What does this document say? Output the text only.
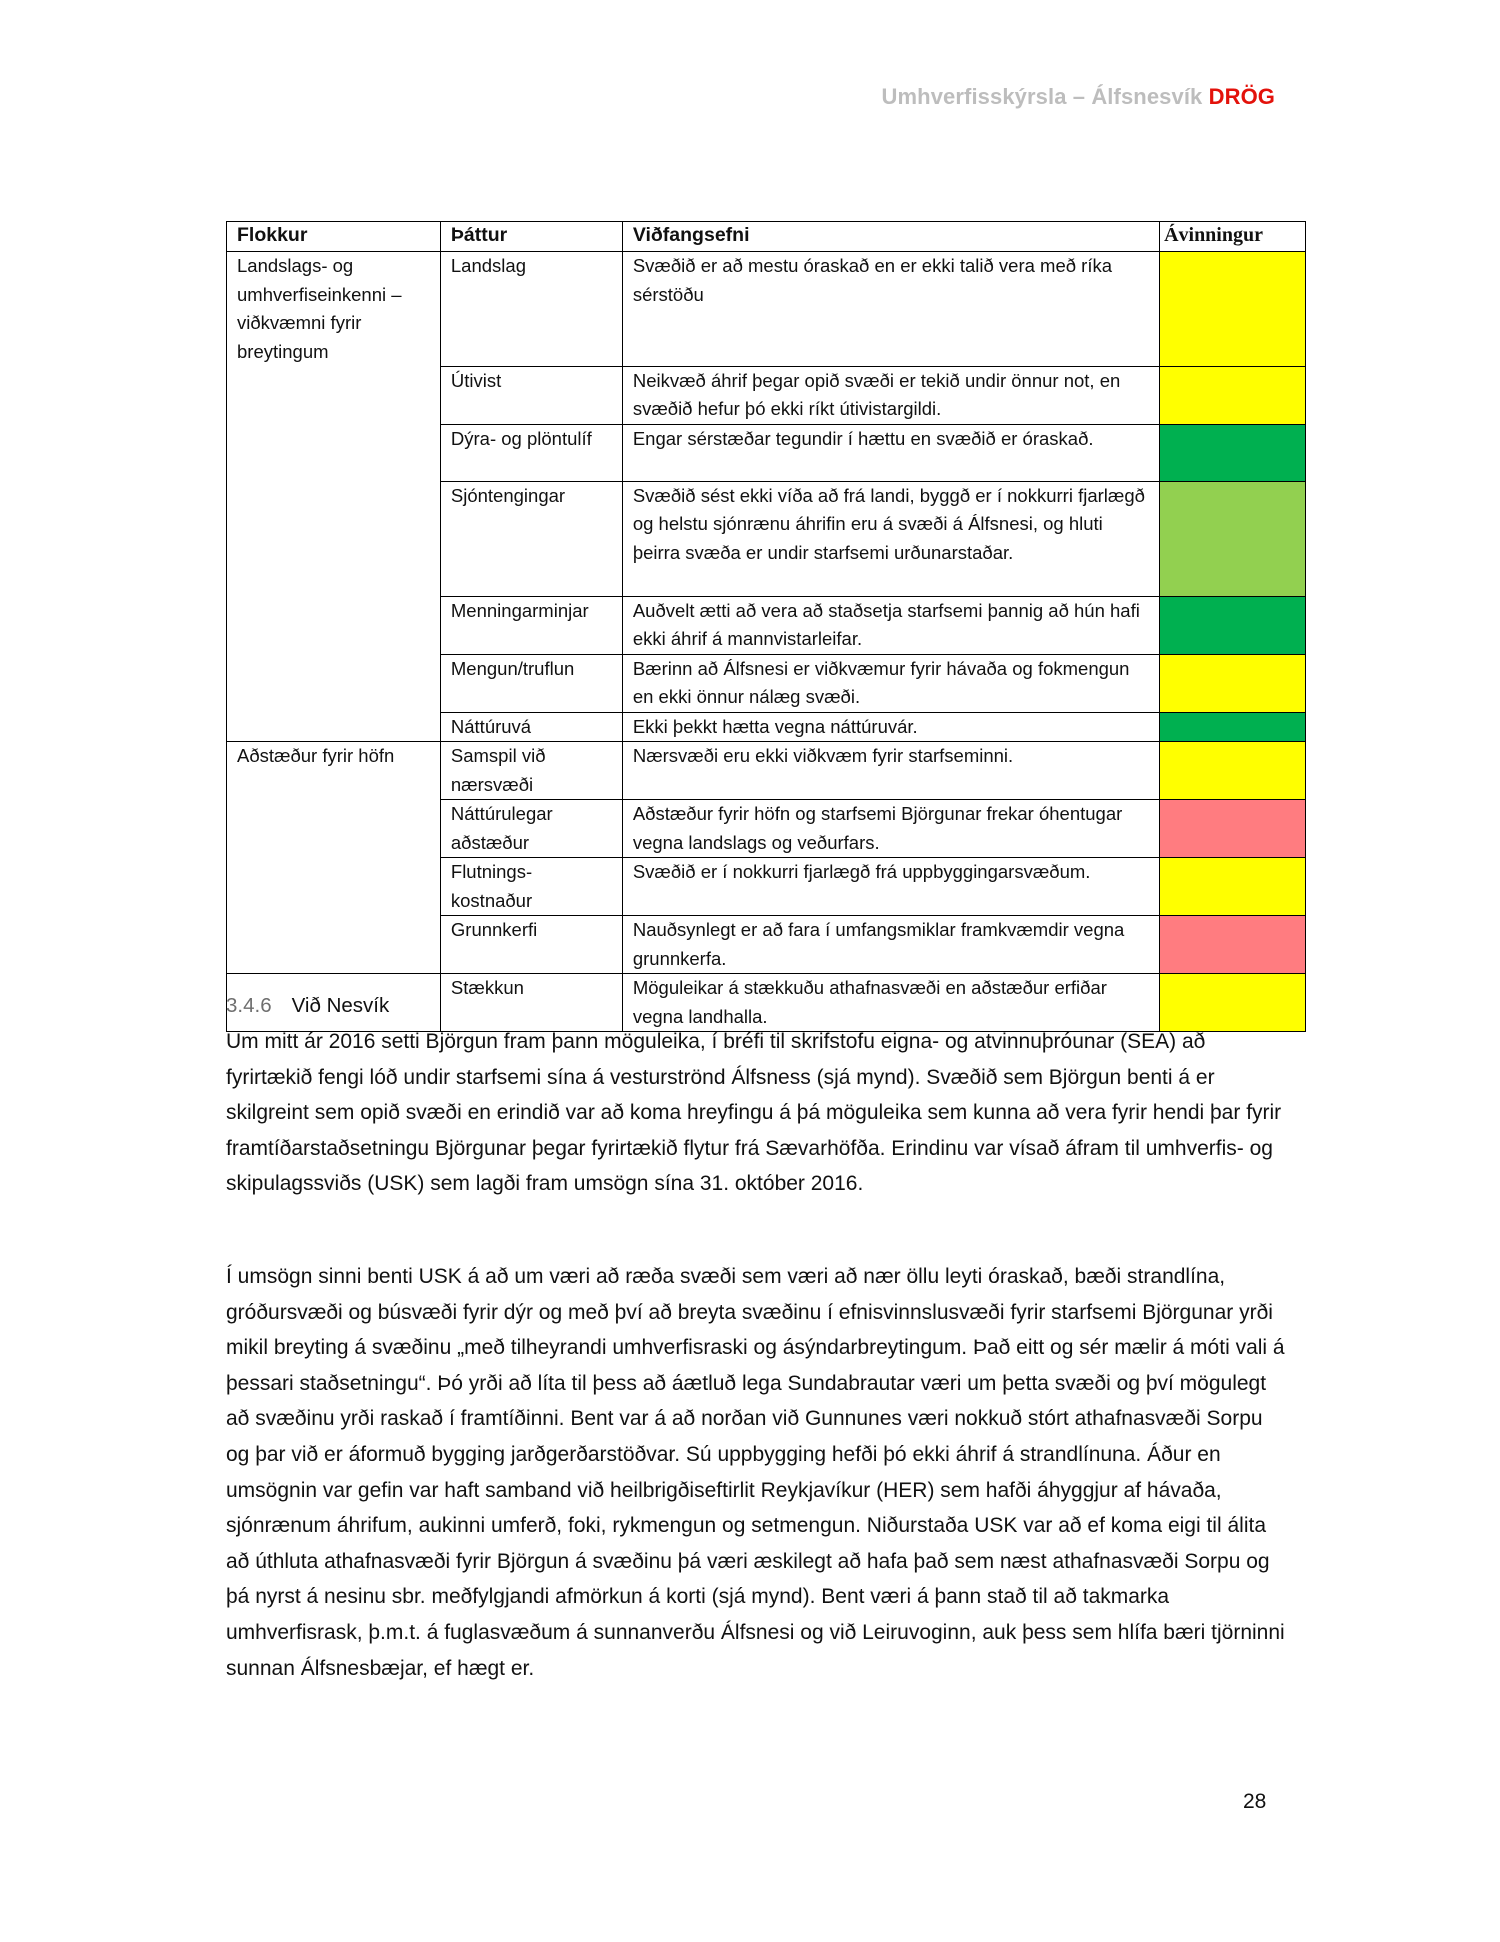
Umhverfisskýrsla – Álfsnesvík DRÖG
Flokkur	Þáttur	Viðfangsefni	Ávinningur
Landslags- og umhverfiseinkenni – viðkvæmni fyrir breytingum	Landslag	Svæðið er að mestu óraskað en er ekki talið vera með ríka sérstöðu	
	Útivist	Neikvæð áhrif þegar opið svæði er tekið undir önnur not, en svæðið hefur þó ekki ríkt útivistargildi.	
	Dýra- og plöntulíf	Engar sérstæðar tegundir í hættu en svæðið er óraskað.	
	Sjóntengingar	Svæðið sést ekki víða að frá landi, byggð er í nokkurri fjarlægð og helstu sjónrænu áhrifin eru á svæði á Álfsnesi, og hluti þeirra svæða er undir starfsemi urðunarstaðar.	
	Menningarminjar	Auðvelt ætti að vera að staðsetja starfsemi þannig að hún hafi ekki áhrif á mannvistarleifar.	
	Mengun/truflun	Bærinn að Álfsnesi er viðkvæmur fyrir hávaða og fokmengun en ekki önnur nálæg svæði.	
	Náttúruvá	Ekki þekkt hætta vegna náttúruvár.	
Aðstæður fyrir höfn	Samspil við nærsvæði	Nærsvæði eru ekki viðkvæm fyrir starfseminni.	
	Náttúrulegar aðstæður	Aðstæður fyrir höfn og starfsemi Björgunar frekar óhentugar vegna landslags og veðurfars.	
	Flutnings-kostnaður	Svæðið er í nokkurri fjarlægð frá uppbyggingarsvæðum.	
	Grunnkerfi	Nauðsynlegt er að fara í umfangsmiklar framkvæmdir vegna grunnkerfa.	
	Stækkun	Möguleikar á stækkuðu athafnasvæði en aðstæður erfiðar vegna landhalla.	
3.4.6 Við Nesvík

Um mitt ár 2016 setti Björgun fram þann möguleika, í bréfi til skrifstofu eigna- og atvinnuþróunar (SEA) að fyrirtækið fengi lóð undir starfsemi sína á vesturströnd Álfsness (sjá mynd). Svæðið sem Björgun benti á er skilgreint sem opið svæði en erindið var að koma hreyfingu á þá möguleika sem kunna að vera fyrir hendi þar fyrir framtíðarstaðsetningu Björgunar þegar fyrirtækið flytur frá Sævarhöfða. Erindinu var vísað áfram til umhverfis- og skipulagssviðs (USK) sem lagði fram umsögn sína 31. október 2016.

Í umsögn sinni benti USK á að um væri að ræða svæði sem væri að nær öllu leyti óraskað, bæði strandlína, gróðursvæði og búsvæði fyrir dýr og með því að breyta svæðinu í efnisvinnslusvæði fyrir starfsemi Björgunar yrði mikil breyting á svæðinu „með tilheyrandi umhverfisraski og ásýndarbreytingum. Það eitt og sér mælir á móti vali á þessari staðsetningu“. Þó yrði að líta til þess að áætluð lega Sundabrautar væri um þetta svæði og því mögulegt að svæðinu yrði raskað í framtíðinni. Bent var á að norðan við Gunnunes væri nokkuð stórt athafnasvæði Sorpu og þar við er áformuð bygging jarðgerðarstöðvar. Sú uppbygging hefði þó ekki áhrif á strandlínuna. Áður en umsögnin var gefin var haft samband við heilbrigðiseftirlit Reykjavíkur (HER) sem hafði áhyggjur af hávaða, sjónrænum áhrifum, aukinni umferð, foki, rykmengun og setmengun. Niðurstaða USK var að ef koma eigi til álita að úthluta athafnasvæði fyrir Björgun á svæðinu þá væri æskilegt að hafa það sem næst athafnasvæði Sorpu og þá nyrst á nesinu sbr. meðfylgjandi afmörkun á korti (sjá mynd). Bent væri á þann stað til að takmarka umhverfisrask, þ.m.t. á fuglasvæðum á sunnanverðu Álfsnesi og við Leiruvoginn, auk þess sem hlífa bæri tjörninni sunnan Álfsnesbæjar, ef hægt er.

28
